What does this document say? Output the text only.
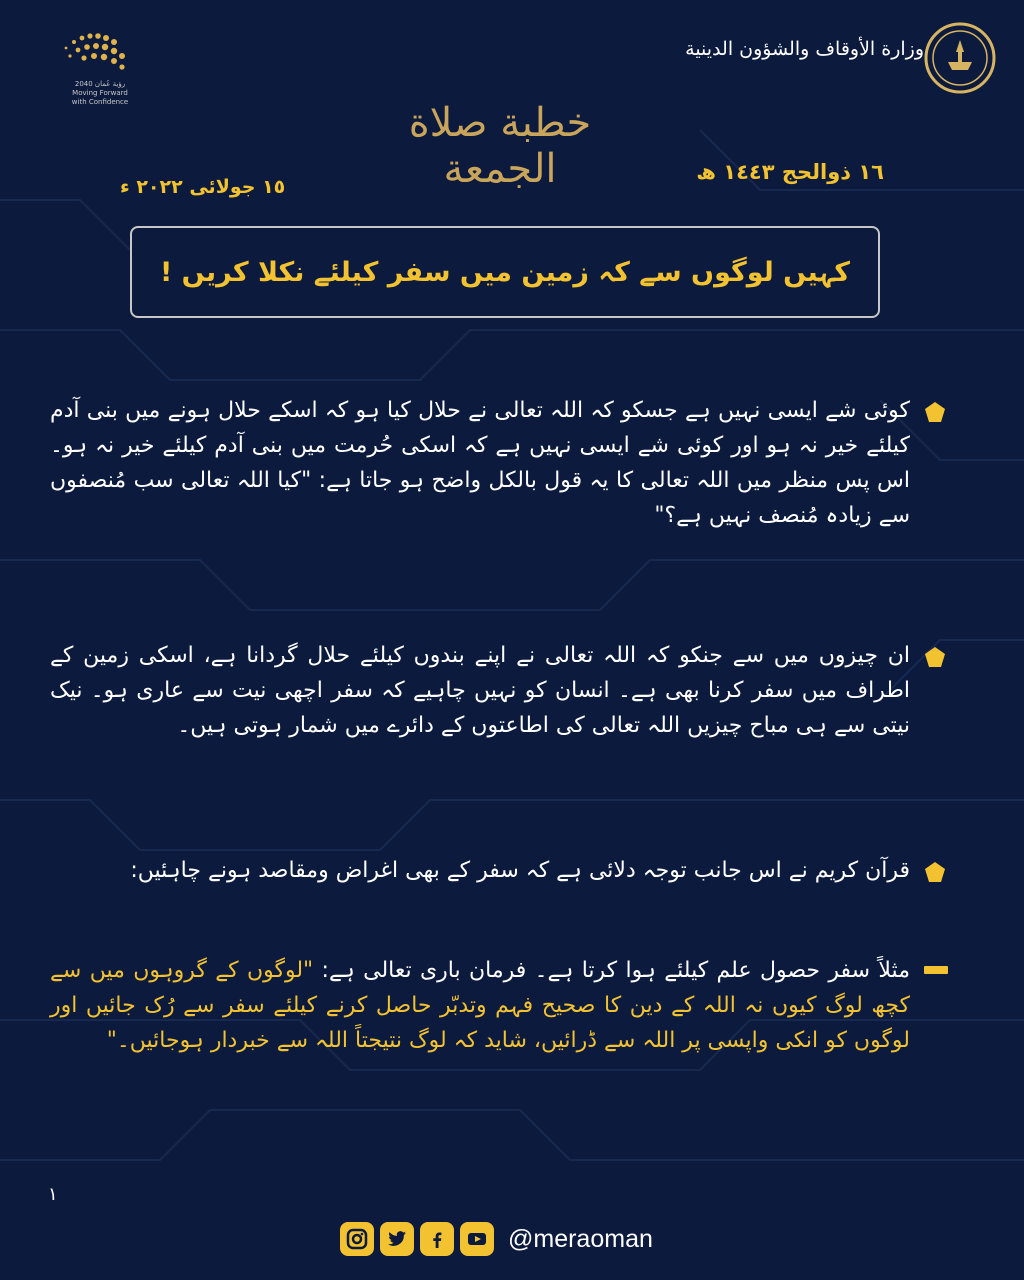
رؤية عُمان 2040
Moving Forward
with Confidence
وزارة الأوقاف والشؤون الدينية
خطبة صلاة الجمعة	١٦ ذوالحج ١٤٤٣ ھ
١٥ جولائی ٢٠٢٢ ء
کہیں لوگوں سے کہ زمین میں سفر کیلئے نکلا کریں !
کوئی شے ایسی نہیں ہے جسکو کہ اللہ تعالی نے حلال کیا ہو کہ اسکے حلال ہونے میں بنی آدم کیلئے خیر نہ ہو اور کوئی شے ایسی نہیں ہے کہ اسکی حُرمت میں بنی آدم کیلئے خیر نہ ہو۔ اس پس منظر میں اللہ تعالی کا یہ قول بالکل واضح ہو جاتا ہے: "کیا اللہ تعالی سب مُنصفوں سے زیادہ مُنصف نہیں ہے؟"
ان چیزوں میں سے جنکو کہ اللہ تعالی نے اپنے بندوں کیلئے حلال گردانا ہے، اسکی زمین کے اطراف میں سفر کرنا بھی ہے۔ انسان کو نہیں چاہیے کہ سفر اچھی نیت سے عاری ہو۔ نیک نیتی سے ہی مباح چیزیں اللہ تعالی کی اطاعتوں کے دائرے میں شمار ہوتی ہیں۔
قرآن کریم نے اس جانب توجہ دلائی ہے کہ سفر کے بھی اغراض ومقاصد ہونے چاہئیں:
مثلاً سفر حصول علم کیلئے ہوا کرتا ہے۔ فرمان باری تعالی ہے: "لوگوں کے گروہوں میں سے کچھ لوگ کیوں نہ اللہ کے دین کا صحیح فہم وتدبّر حاصل کرنے کیلئے سفر سے رُک جائیں اور لوگوں کو انکی واپسی پر اللہ سے ڈرائیں، شاید کہ لوگ نتیجتاً اللہ سے خبردار ہوجائیں۔"
۱
@meraoman
